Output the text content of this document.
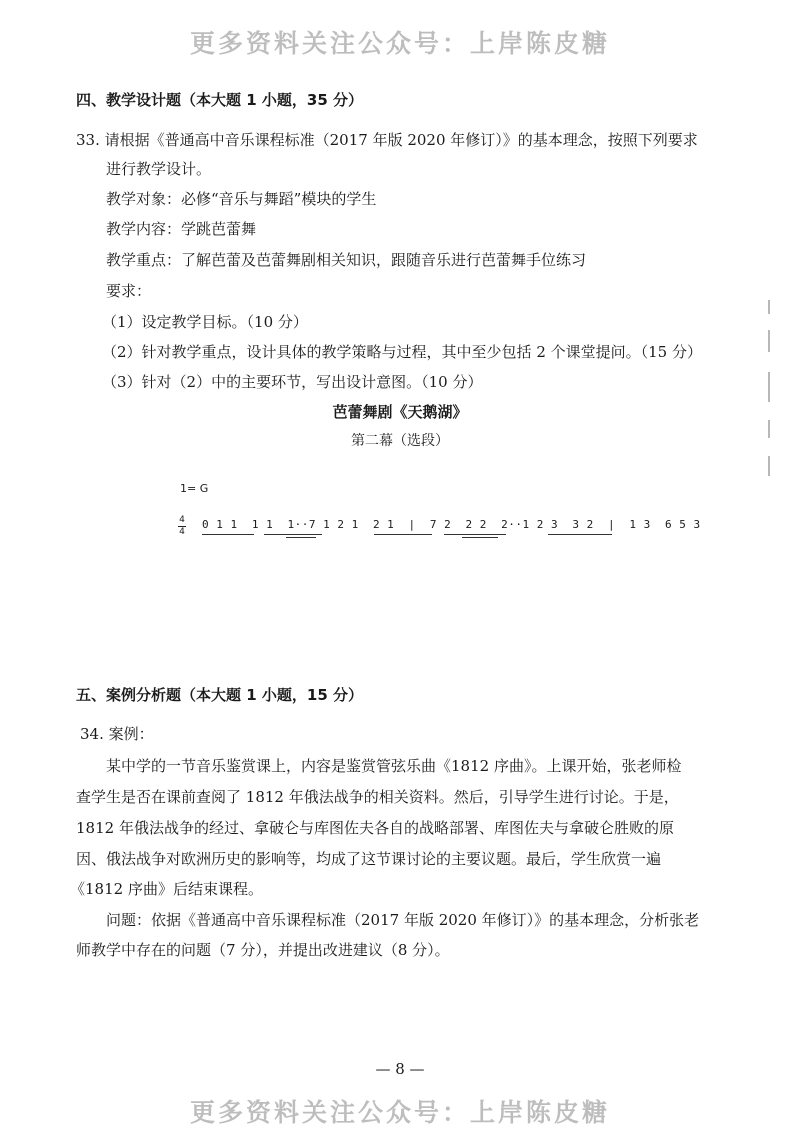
更多资料关注公众号：上岸陈皮糖
四、教学设计题（本大题 1 小题，35 分）
33. 请根据《普通高中音乐课程标准（2017 年版 2020 年修订）》的基本理念，按照下列要求
进行教学设计。
教学对象：必修“音乐与舞蹈”模块的学生
教学内容：学跳芭蕾舞
教学重点：了解芭蕾及芭蕾舞剧相关知识，跟随音乐进行芭蕾舞手位练习
要求：
（1）设定教学目标。（10 分）
（2）针对教学重点，设计具体的教学策略与过程，其中至少包括 2 个课堂提问。（15 分）
（3）针对（2）中的主要环节，写出设计意图。（10 分）
芭蕾舞剧《天鹅湖》
第二幕（选段）
1= G
4
4
0 1 1  1 1  1··7 1 2 1  2 1  |  7 2  2 2  2··1 2 3  3 2  |  1 3  6 5 3
五、案例分析题（本大题 1 小题，15 分）
34. 案例：
某中学的一节音乐鉴赏课上，内容是鉴赏管弦乐曲《1812 序曲》。上课开始，张老师检
查学生是否在课前查阅了 1812 年俄法战争的相关资料。然后，引导学生进行讨论。于是，
1812 年俄法战争的经过、拿破仑与库图佐夫各自的战略部署、库图佐夫与拿破仑胜败的原
因、俄法战争对欧洲历史的影响等，均成了这节课讨论的主要议题。最后，学生欣赏一遍
《1812 序曲》后结束课程。
问题：依据《普通高中音乐课程标准（2017 年版 2020 年修订）》的基本理念，分析张老
师教学中存在的问题（7 分），并提出改进建议（8 分）。
— 8 —
更多资料关注公众号：上岸陈皮糖
